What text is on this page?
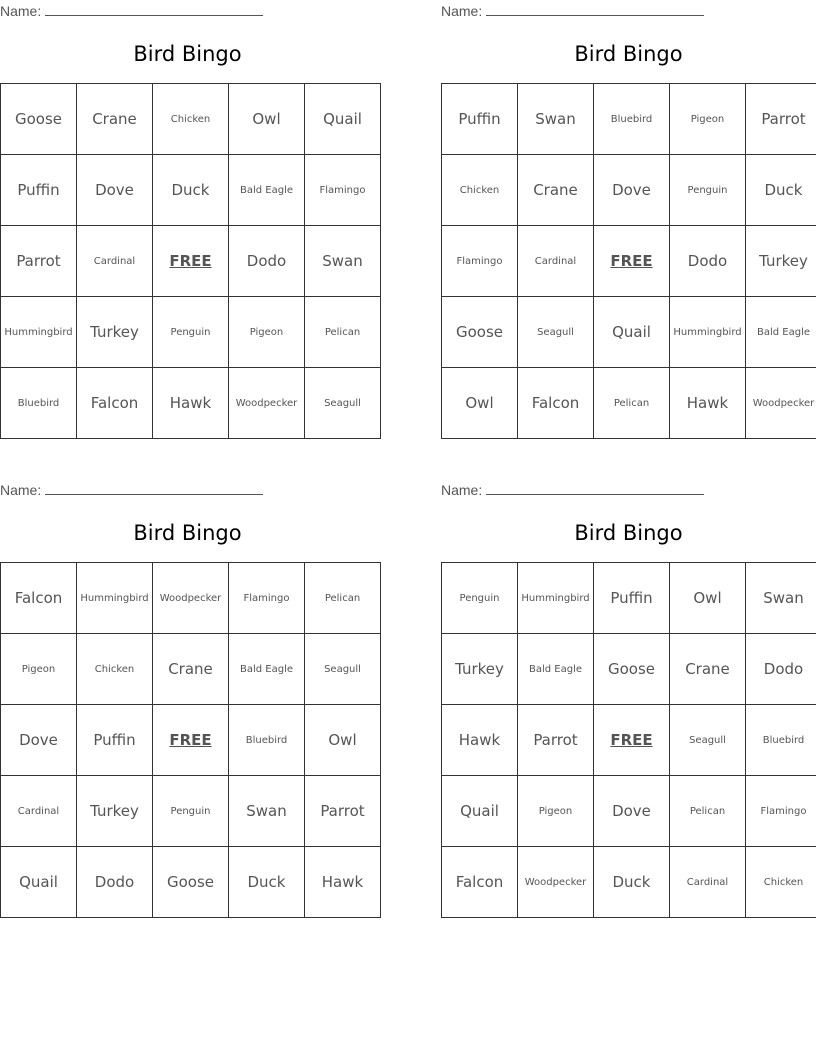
Name:
Bird Bingo
Goose	Crane	Chicken	Owl	Quail
Puffin	Dove	Duck	Bald Eagle	Flamingo
Parrot	Cardinal	FREE	Dodo	Swan
Hummingbird	Turkey	Penguin	Pigeon	Pelican
Bluebird	Falcon	Hawk	Woodpecker	Seagull
Name:
Bird Bingo
Puffin	Swan	Bluebird	Pigeon	Parrot
Chicken	Crane	Dove	Penguin	Duck
Flamingo	Cardinal	FREE	Dodo	Turkey
Goose	Seagull	Quail	Hummingbird	Bald Eagle
Owl	Falcon	Pelican	Hawk	Woodpecker
Name:
Bird Bingo
Falcon	Hummingbird	Woodpecker	Flamingo	Pelican
Pigeon	Chicken	Crane	Bald Eagle	Seagull
Dove	Puffin	FREE	Bluebird	Owl
Cardinal	Turkey	Penguin	Swan	Parrot
Quail	Dodo	Goose	Duck	Hawk
Name:
Bird Bingo
Penguin	Hummingbird	Puffin	Owl	Swan
Turkey	Bald Eagle	Goose	Crane	Dodo
Hawk	Parrot	FREE	Seagull	Bluebird
Quail	Pigeon	Dove	Pelican	Flamingo
Falcon	Woodpecker	Duck	Cardinal	Chicken
